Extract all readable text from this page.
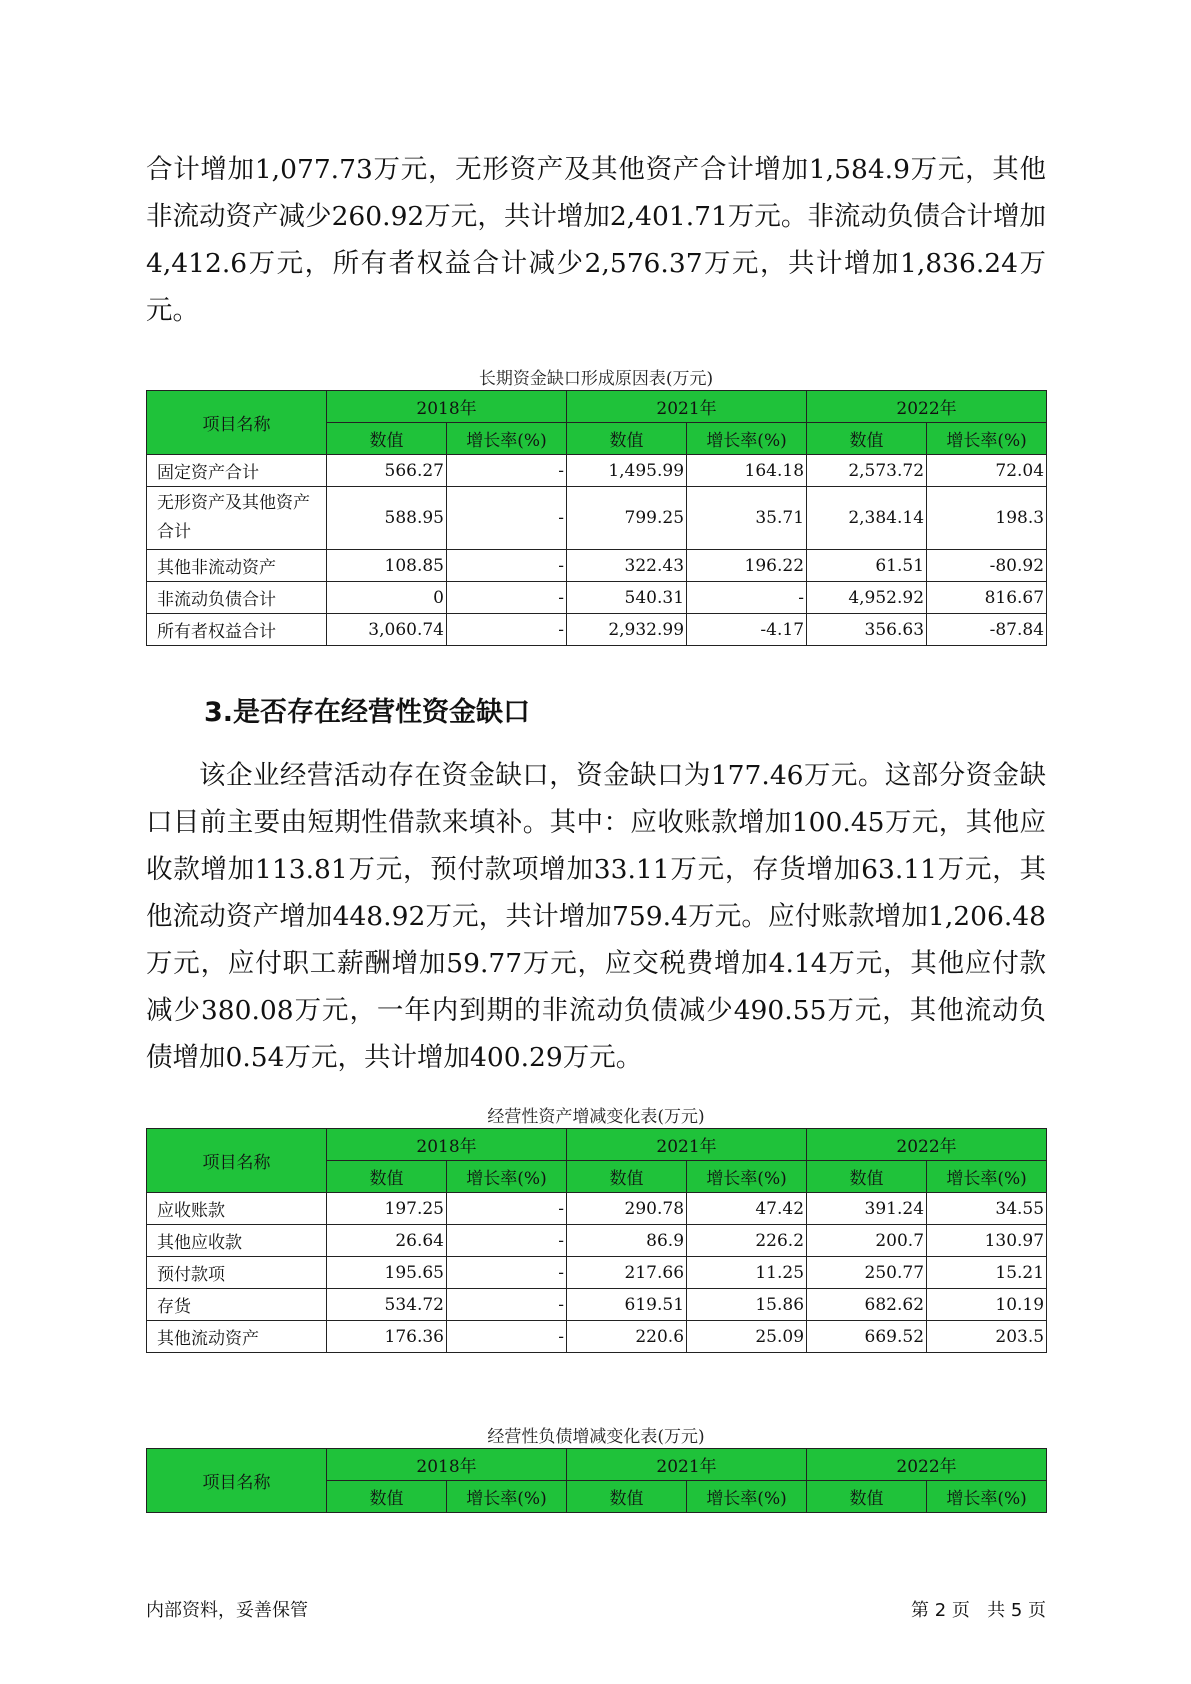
合计增加1,077.73万元，无形资产及其他资产合计增加1,584.9万元，其他非流动资产减少260.92万元，共计增加2,401.71万元。非流动负债合计增加4,412.6万元，所有者权益合计减少2,576.37万元，共计增加1,836.24万元。

长期资金缺口形成原因表(万元)
项目名称	2018年		2021年		2022年	
	数值	增长率(%)	数值	增长率(%)	数值	增长率(%)
固定资产合计	566.27	-	1,495.99	164.18	2,573.72	72.04
无形资产及其他资产合计	588.95	-	799.25	35.71	2,384.14	198.3
其他非流动资产	108.85	-	322.43	196.22	61.51	-80.92
非流动负债合计	0	-	540.31	-	4,952.92	816.67
所有者权益合计	3,060.74	-	2,932.99	-4.17	356.63	-87.84
3.是否存在经营性资金缺口

该企业经营活动存在资金缺口，资金缺口为177.46万元。这部分资金缺口目前主要由短期性借款来填补。其中：应收账款增加100.45万元，其他应收款增加113.81万元，预付款项增加33.11万元，存货增加63.11万元，其他流动资产增加448.92万元，共计增加759.4万元。应付账款增加1,206.48万元，应付职工薪酬增加59.77万元，应交税费增加4.14万元，其他应付款减少380.08万元，一年内到期的非流动负债减少490.55万元，其他流动负债增加0.54万元，共计增加400.29万元。

经营性资产增减变化表(万元)
项目名称	2018年		2021年		2022年	
	数值	增长率(%)	数值	增长率(%)	数值	增长率(%)
应收账款	197.25	-	290.78	47.42	391.24	34.55
其他应收款	26.64	-	86.9	226.2	200.7	130.97
预付款项	195.65	-	217.66	11.25	250.77	15.21
存货	534.72	-	619.51	15.86	682.62	10.19
其他流动资产	176.36	-	220.6	25.09	669.52	203.5
经营性负债增减变化表(万元)
项目名称	2018年		2021年		2022年	
	数值	增长率(%)	数值	增长率(%)	数值	增长率(%)
内部资料，妥善保管	第 2 页   共 5 页
